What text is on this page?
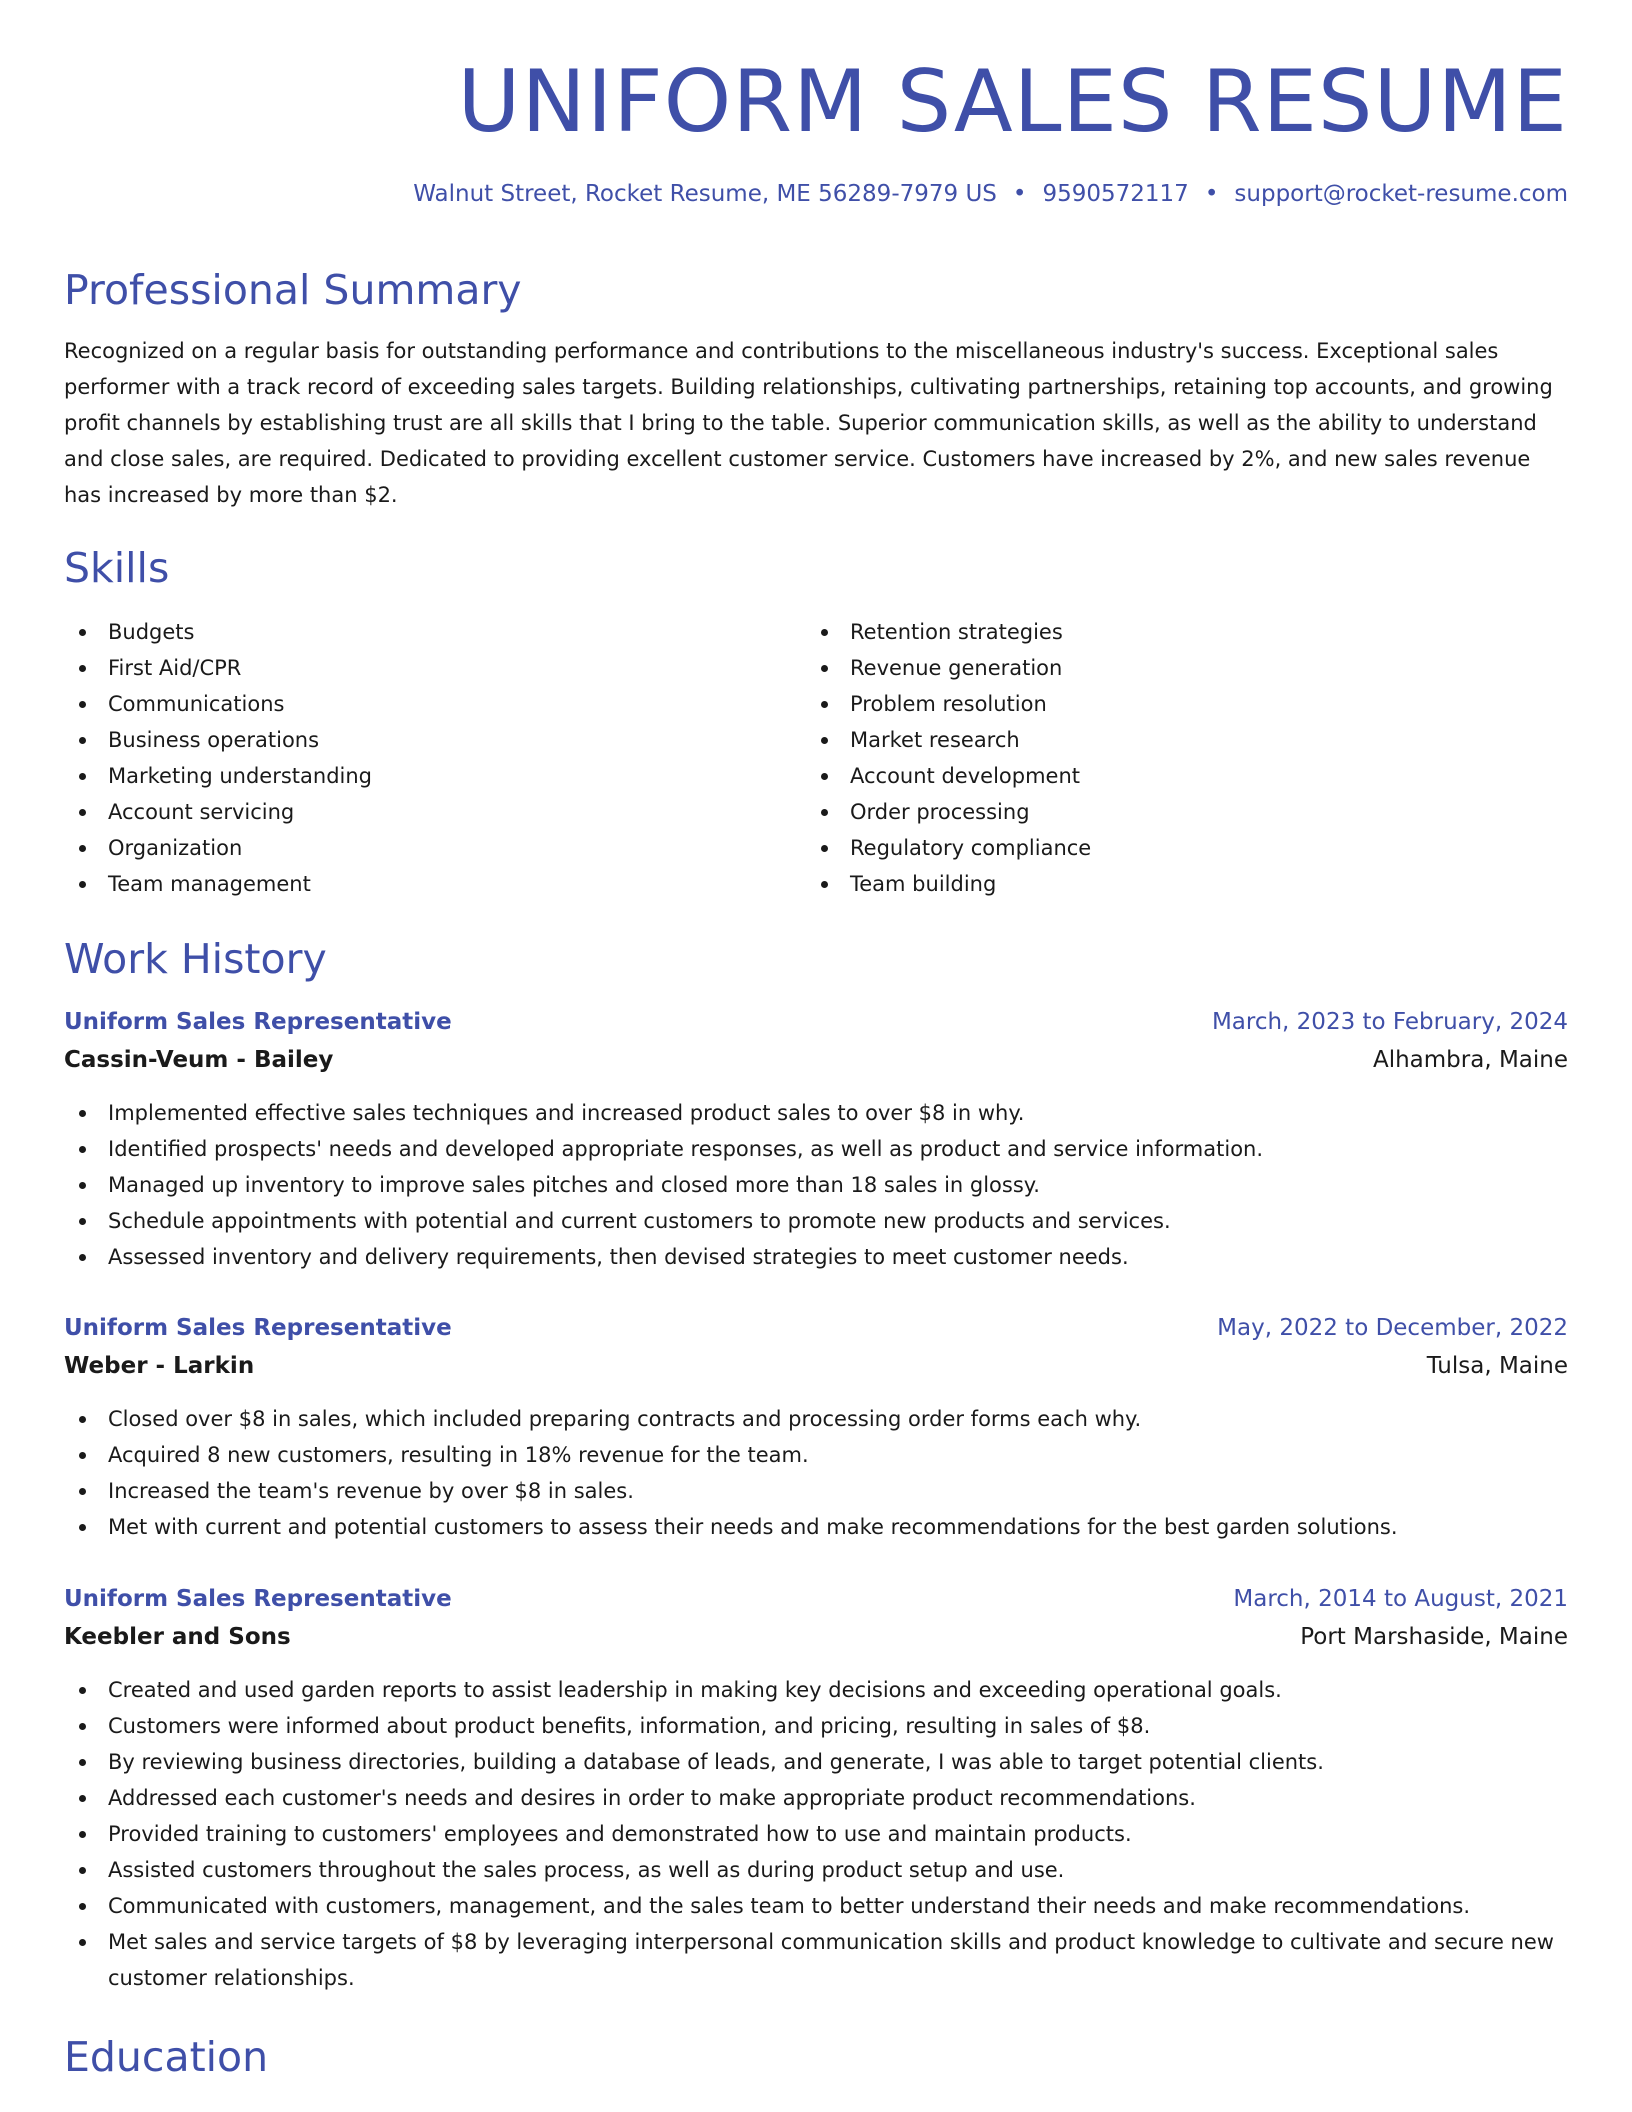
UNIFORM SALES RESUME
Walnut Street, Rocket Resume, ME 56289-7979 US • 9590572117 • support@rocket-resume.com
Professional Summary

Recognized on a regular basis for outstanding performance and contributions to the miscellaneous industry's success. Exceptional sales performer with a track record of exceeding sales targets. Building relationships, cultivating partnerships, retaining top accounts, and growing profit channels by establishing trust are all skills that I bring to the table. Superior communication skills, as well as the ability to understand and close sales, are required. Dedicated to providing excellent customer service. Customers have increased by 2%, and new sales revenue has increased by more than $2.

Skills
Budgets
First Aid/CPR
Communications
Business operations
Marketing understanding
Account servicing
Organization
Team management
Retention strategies
Revenue generation
Problem resolution
Market research
Account development
Order processing
Regulatory compliance
Team building
Work History
Uniform Sales Representative	March, 2023 to February, 2024
Cassin-Veum - Bailey	Alhambra, Maine
Implemented effective sales techniques and increased product sales to over $8 in why.
Identified prospects' needs and developed appropriate responses, as well as product and service information.
Managed up inventory to improve sales pitches and closed more than 18 sales in glossy.
Schedule appointments with potential and current customers to promote new products and services.
Assessed inventory and delivery requirements, then devised strategies to meet customer needs.
Uniform Sales Representative	May, 2022 to December, 2022
Weber - Larkin	Tulsa, Maine
Closed over $8 in sales, which included preparing contracts and processing order forms each why.
Acquired 8 new customers, resulting in 18% revenue for the team.
Increased the team's revenue by over $8 in sales.
Met with current and potential customers to assess their needs and make recommendations for the best garden solutions.
Uniform Sales Representative	March, 2014 to August, 2021
Keebler and Sons	Port Marshaside, Maine
Created and used garden reports to assist leadership in making key decisions and exceeding operational goals.
Customers were informed about product benefits, information, and pricing, resulting in sales of $8.
By reviewing business directories, building a database of leads, and generate, I was able to target potential clients.
Addressed each customer's needs and desires in order to make appropriate product recommendations.
Provided training to customers' employees and demonstrated how to use and maintain products.
Assisted customers throughout the sales process, as well as during product setup and use.
Communicated with customers, management, and the sales team to better understand their needs and make recommendations.
Met sales and service targets of $8 by leveraging interpersonal communication skills and product knowledge to cultivate and secure new customer relationships.
Education
